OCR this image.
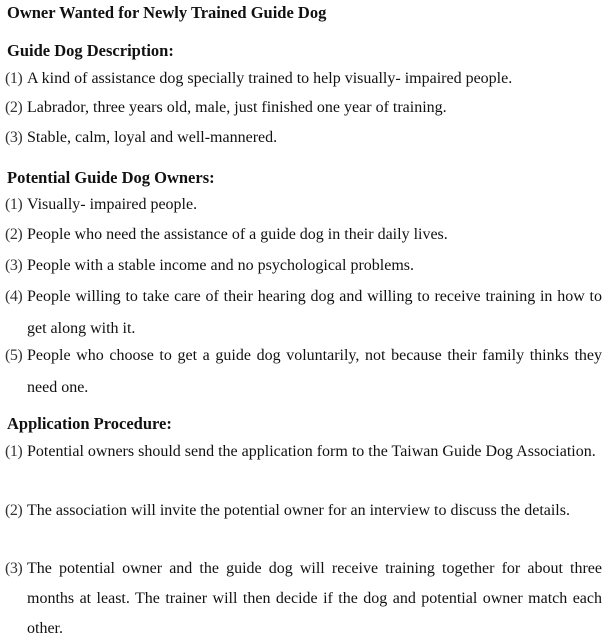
Owner Wanted for Newly Trained Guide Dog
Guide Dog Description:
(1) A kind of assistance dog specially trained to help visually- impaired people.
(2) Labrador, three years old, male, just finished one year of training.
(3) Stable, calm, loyal and well-mannered.
Potential Guide Dog Owners:
(1) Visually- impaired people.
(2) People who need the assistance of a guide dog in their daily lives.
(3) People with a stable income and no psychological problems.
(4) People willing to take care of their hearing dog and willing to receive training in how to get along with it.
(5) People who choose to get a guide dog voluntarily, not because their family thinks they need one.
Application Procedure:
(1) Potential owners should send the application form to the Taiwan Guide Dog Association.
(2) The association will invite the potential owner for an interview to discuss the details.
(3) The potential owner and the guide dog will receive training together for about three months at least. The trainer will then decide if the dog and potential owner match each other.
